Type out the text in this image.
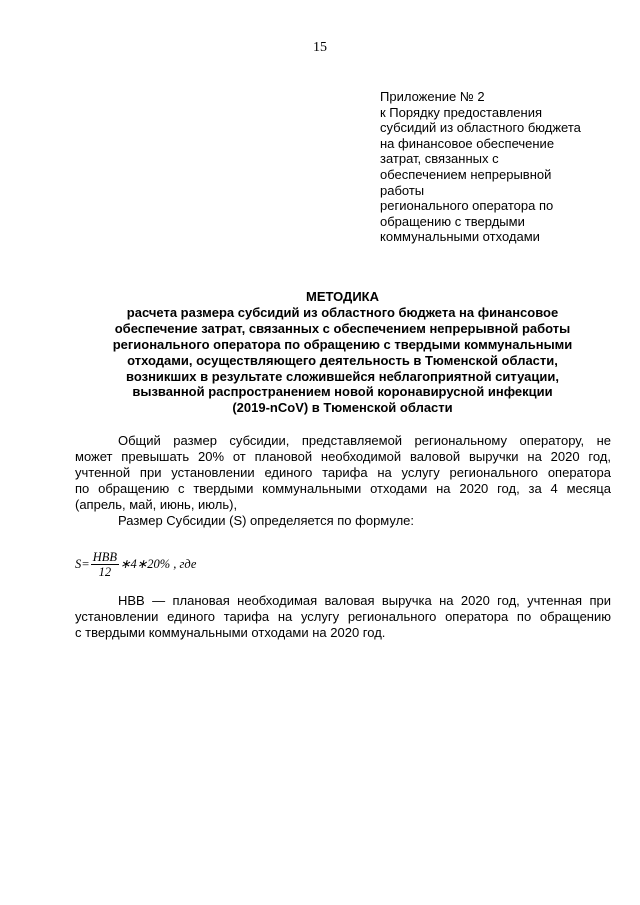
15
Приложение № 2
к Порядку предоставления
субсидий из областного бюджета
на финансовое обеспечение
затрат, связанных с
обеспечением непрерывной
работы
регионального оператора по
обращению с твердыми
коммунальными отходами
МЕТОДИКА
расчета размера субсидий из областного бюджета на финансовое
обеспечение затрат, связанных с обеспечением непрерывной работы
регионального оператора по обращению с твердыми коммунальными
отходами, осуществляющего деятельность в Тюменской области,
возникших в результате сложившейся неблагоприятной ситуации,
вызванной распространением новой коронавирусной инфекции
(2019-nCoV) в Тюменской области
Общий размер субсидии, представляемой региональному оператору, не
может превышать 20% от плановой необходимой валовой выручки на 2020 год,
учтенной при установлении единого тарифа на услугу регионального оператора
по обращению с твердыми коммунальными отходами на 2020 год, за 4 месяца
(апрель, май, июнь, июль),
Размер Субсидии (S) определяется по формуле:
$S= \frac{\text{НВВ}}{12}$ ∗4∗20% , где
НВВ — плановая необходимая валовая выручка на 2020 год, учтенная при
установлении единого тарифа на услугу регионального оператора по обращению
с твердыми коммунальными отходами на 2020 год.
